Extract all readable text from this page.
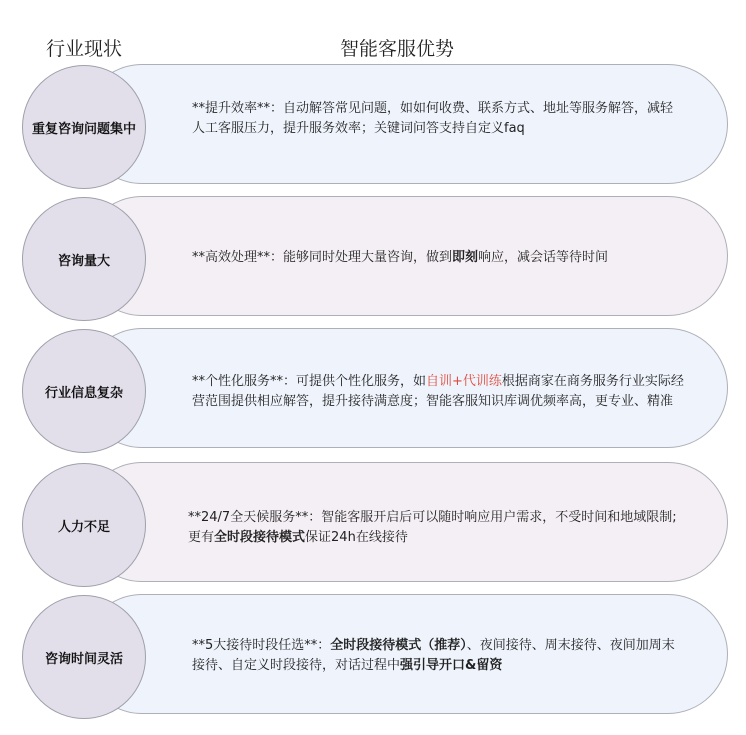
行业现状	智能客服优势
重复咨询问题集中
**提升效率**：自动解答常见问题，如如何收费、联系方式、地址等服务解答，减轻
人工客服压力，提升服务效率；关键词问答支持自定义faq
咨询量大	**高效处理**：能够同时处理大量咨询，做到即刻响应，减会话等待时间
行业信息复杂
**个性化服务**：可提供个性化服务，如自训+代训练根据商家在商务服务行业实际经
营范围提供相应解答，提升接待满意度；智能客服知识库调优频率高，更专业、精准
人力不足
**24/7全天候服务**：智能客服开启后可以随时响应用户需求，不受时间和地域限制;
更有全时段接待模式保证24h在线接待
咨询时间灵活
**5大接待时段任选**：全时段接待模式（推荐）、夜间接待、周末接待、夜间加周末
接待、自定义时段接待，对话过程中强引导开口&留资
